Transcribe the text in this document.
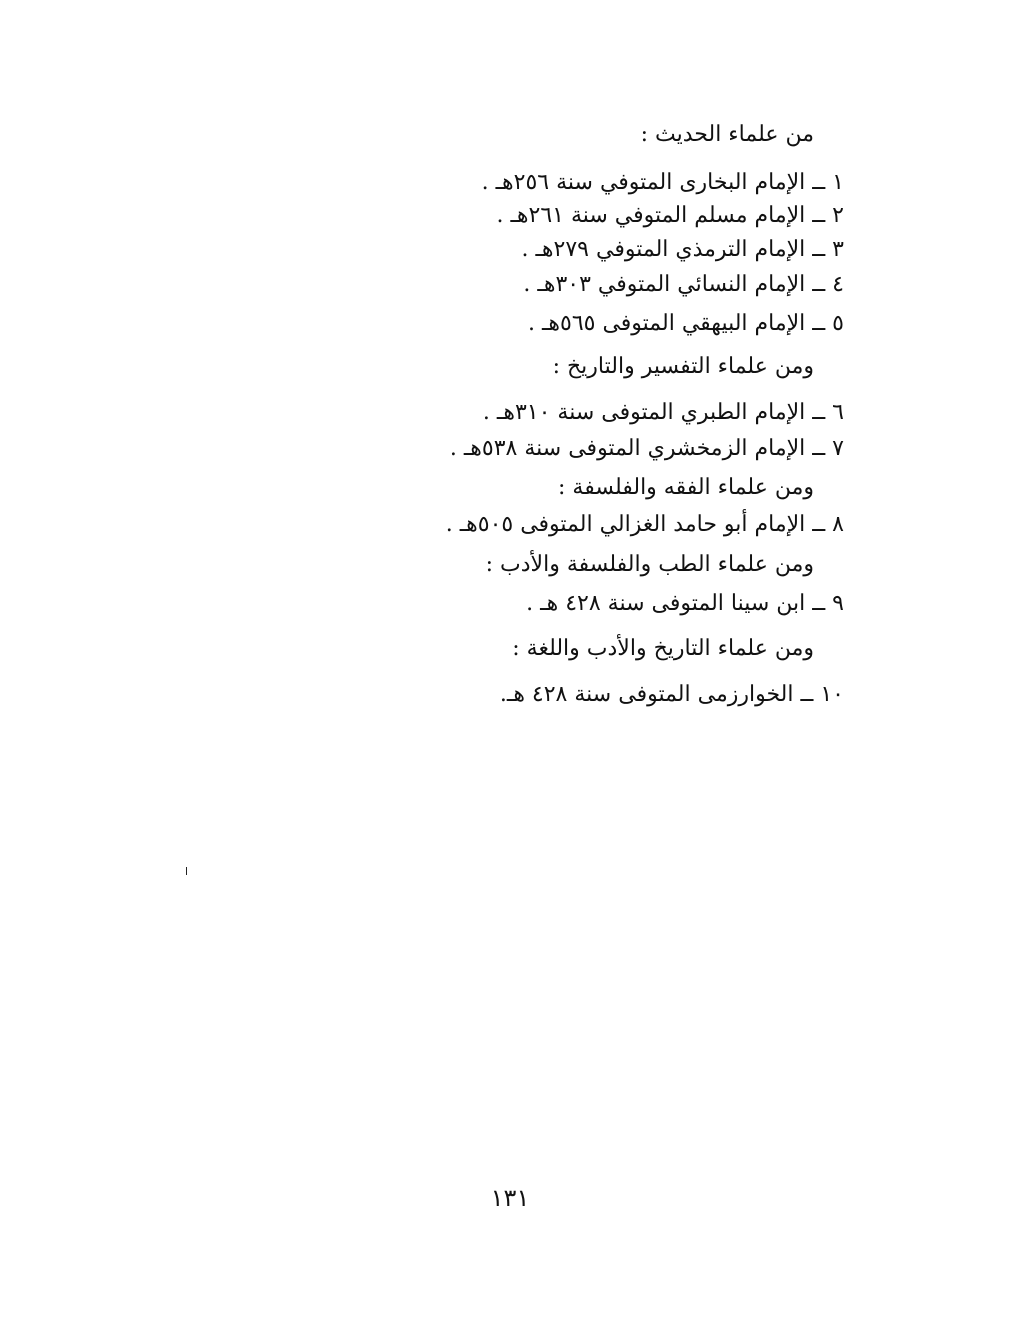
من علماء الحديث :
١ ــ الإمام البخارى المتوفي سنة ٢٥٦هـ .
٢ ــ الإمام مسلم المتوفي سنة ٢٦١هـ .
٣ ــ الإمام الترمذي المتوفي ٢٧٩هـ .
٤ ــ الإمام النسائي المتوفي ٣٠٣هـ .
٥ ــ الإمام البيهقي المتوفى ٥٦٥هـ .
ومن علماء التفسير والتاريخ :
٦ ــ الإمام الطبري المتوفى سنة ٣١٠هـ .
٧ ــ الإمام الزمخشري المتوفى سنة ٥٣٨هـ .
ومن علماء الفقه والفلسفة :
٨ ــ الإمام أبو حامد الغزالي المتوفى ٥٠٥هـ .
ومن علماء الطب والفلسفة والأدب :
٩ ــ ابن سينا المتوفى سنة ٤٢٨ هـ .
ومن علماء التاريخ والأدب واللغة :
١٠ ــ الخوارزمى المتوفى سنة ٤٢٨ هـ.
١٣١
